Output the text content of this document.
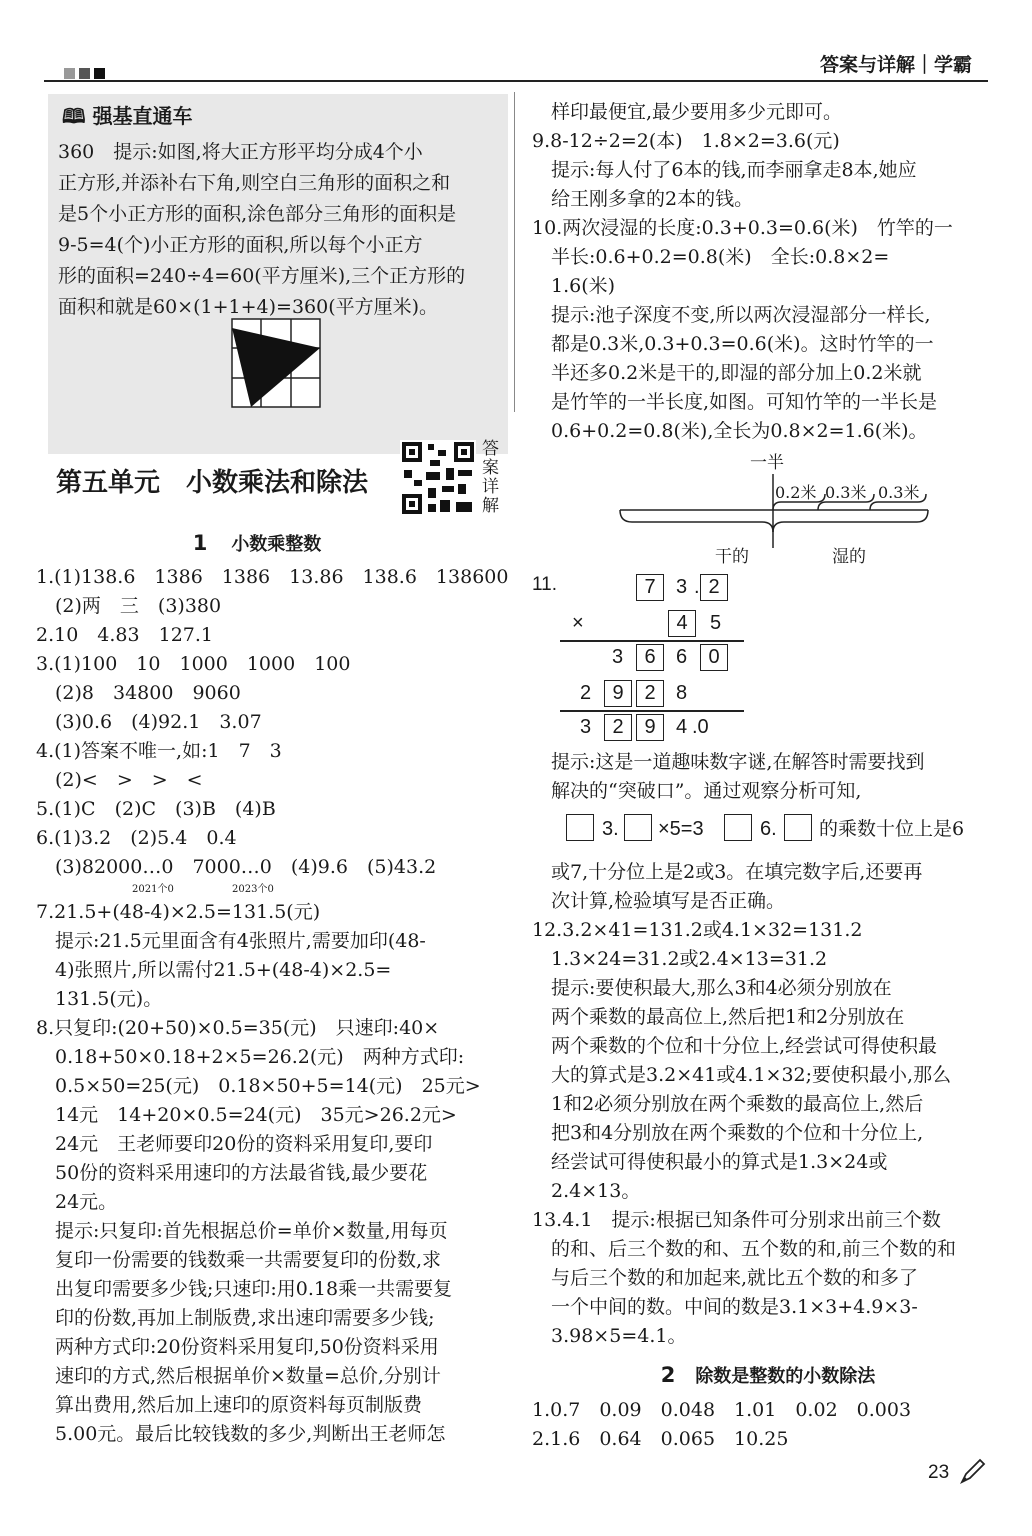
答案与详解｜学霸
🕮 强基直通车
360　提示:如图,将大正方形平均分成4个小
正方形,并添补右下角,则空白三角形的面积之和
是5个小正方形的面积,涂色部分三角形的面积是
9-5=4(个)小正方形的面积,所以每个小正方
形的面积=240÷4=60(平方厘米),三个正方形的
面积和就是60×(1+1+4)=360(平方厘米)。
第五单元　小数乘法和除法
答案详解
1 小数乘整数
1.(1)138.6　1386　1386　13.86　138.6　138600
　(2)两　三　(3)380
2.10　4.83　127.1
3.(1)100　10　1000　1000　100
　(2)8　34800　9060
　(3)0.6　(4)92.1　3.07
4.(1)答案不唯一,如:1　7　3
　(2)<　>　>　<
5.(1)C　(2)C　(3)B　(4)B
6.(1)3.2　(2)5.4　0.4
　(3)82000…0　7000…0　(4)9.6　(5)43.2
2021个0	2023个0
7.21.5+(48-4)×2.5=131.5(元)
　提示:21.5元里面含有4张照片,需要加印(48-
　4)张照片,所以需付21.5+(48-4)×2.5=
　131.5(元)。
8.只复印:(20+50)×0.5=35(元)　只速印:40×
　0.18+50×0.18+2×5=26.2(元)　两种方式印:
　0.5×50=25(元)　0.18×50+5=14(元)　25元>
　14元　14+20×0.5=24(元)　35元>26.2元>
　24元　王老师要印20份的资料采用复印,要印
　50份的资料采用速印的方法最省钱,最少要花
　24元。
　提示:只复印:首先根据总价=单价×数量,用每页
　复印一份需要的钱数乘一共需要复印的份数,求
　出复印需要多少钱;只速印:用0.18乘一共需要复
　印的份数,再加上制版费,求出速印需要多少钱;
　两种方式印:20份资料采用复印,50份资料采用
　速印的方式,然后根据单价×数量=总价,分别计
　算出费用,然后加上速印的原资料每页制版费
　5.00元。最后比较钱数的多少,判断出王老师怎
　样印最便宜,最少要用多少元即可。
9.8-12÷2=2(本)　1.8×2=3.6(元)
　提示:每人付了6本的钱,而李丽拿走8本,她应
　给王刚多拿的2本的钱。
10.两次浸湿的长度:0.3+0.3=0.6(米)　竹竿的一
　半长:0.6+0.2=0.8(米)　全长:0.8×2=
　1.6(米)
　提示:池子深度不变,所以两次浸湿部分一样长,
　都是0.3米,0.3+0.3=0.6(米)。这时竹竿的一
　半还多0.2米是干的,即湿的部分加上0.2米就
　是竹竿的一半长度,如图。可知竹竿的一半长是
　0.6+0.2=0.8(米),全长为0.8×2=1.6(米)。
一半
0.2米 0.3米 0.3米
干的	湿的
11.	7	3 . 2
×	4	5
3	6	6	0
2	9	2	8
3	2	9	4 .0
　提示:这是一道趣味数字谜,在解答时需要找到
　解决的“突破口”。通过观察分析可知,
3. ×5=3	6. 　的乘数十位上是6
　或7,十分位上是2或3。在填完数字后,还要再
　次计算,检验填写是否正确。
12.3.2×41=131.2或4.1×32=131.2
　1.3×24=31.2或2.4×13=31.2
　提示:要使积最大,那么3和4必须分别放在
　两个乘数的最高位上,然后把1和2分别放在
　两个乘数的个位和十分位上,经尝试可得使积最
　大的算式是3.2×41或4.1×32;要使积最小,那么
　1和2必须分别放在两个乘数的最高位上,然后
　把3和4分别放在两个乘数的个位和十分位上,
　经尝试可得使积最小的算式是1.3×24或
　2.4×13。
13.4.1　提示:根据已知条件可分别求出前三个数
　的和、后三个数的和、五个数的和,前三个数的和
　与后三个数的和加起来,就比五个数的和多了
　一个中间的数。中间的数是3.1×3+4.9×3-
　3.98×5=4.1。
2 除数是整数的小数除法
1.0.7　0.09　0.048　1.01　0.02　0.003
2.1.6　0.64　0.065　10.25
23
